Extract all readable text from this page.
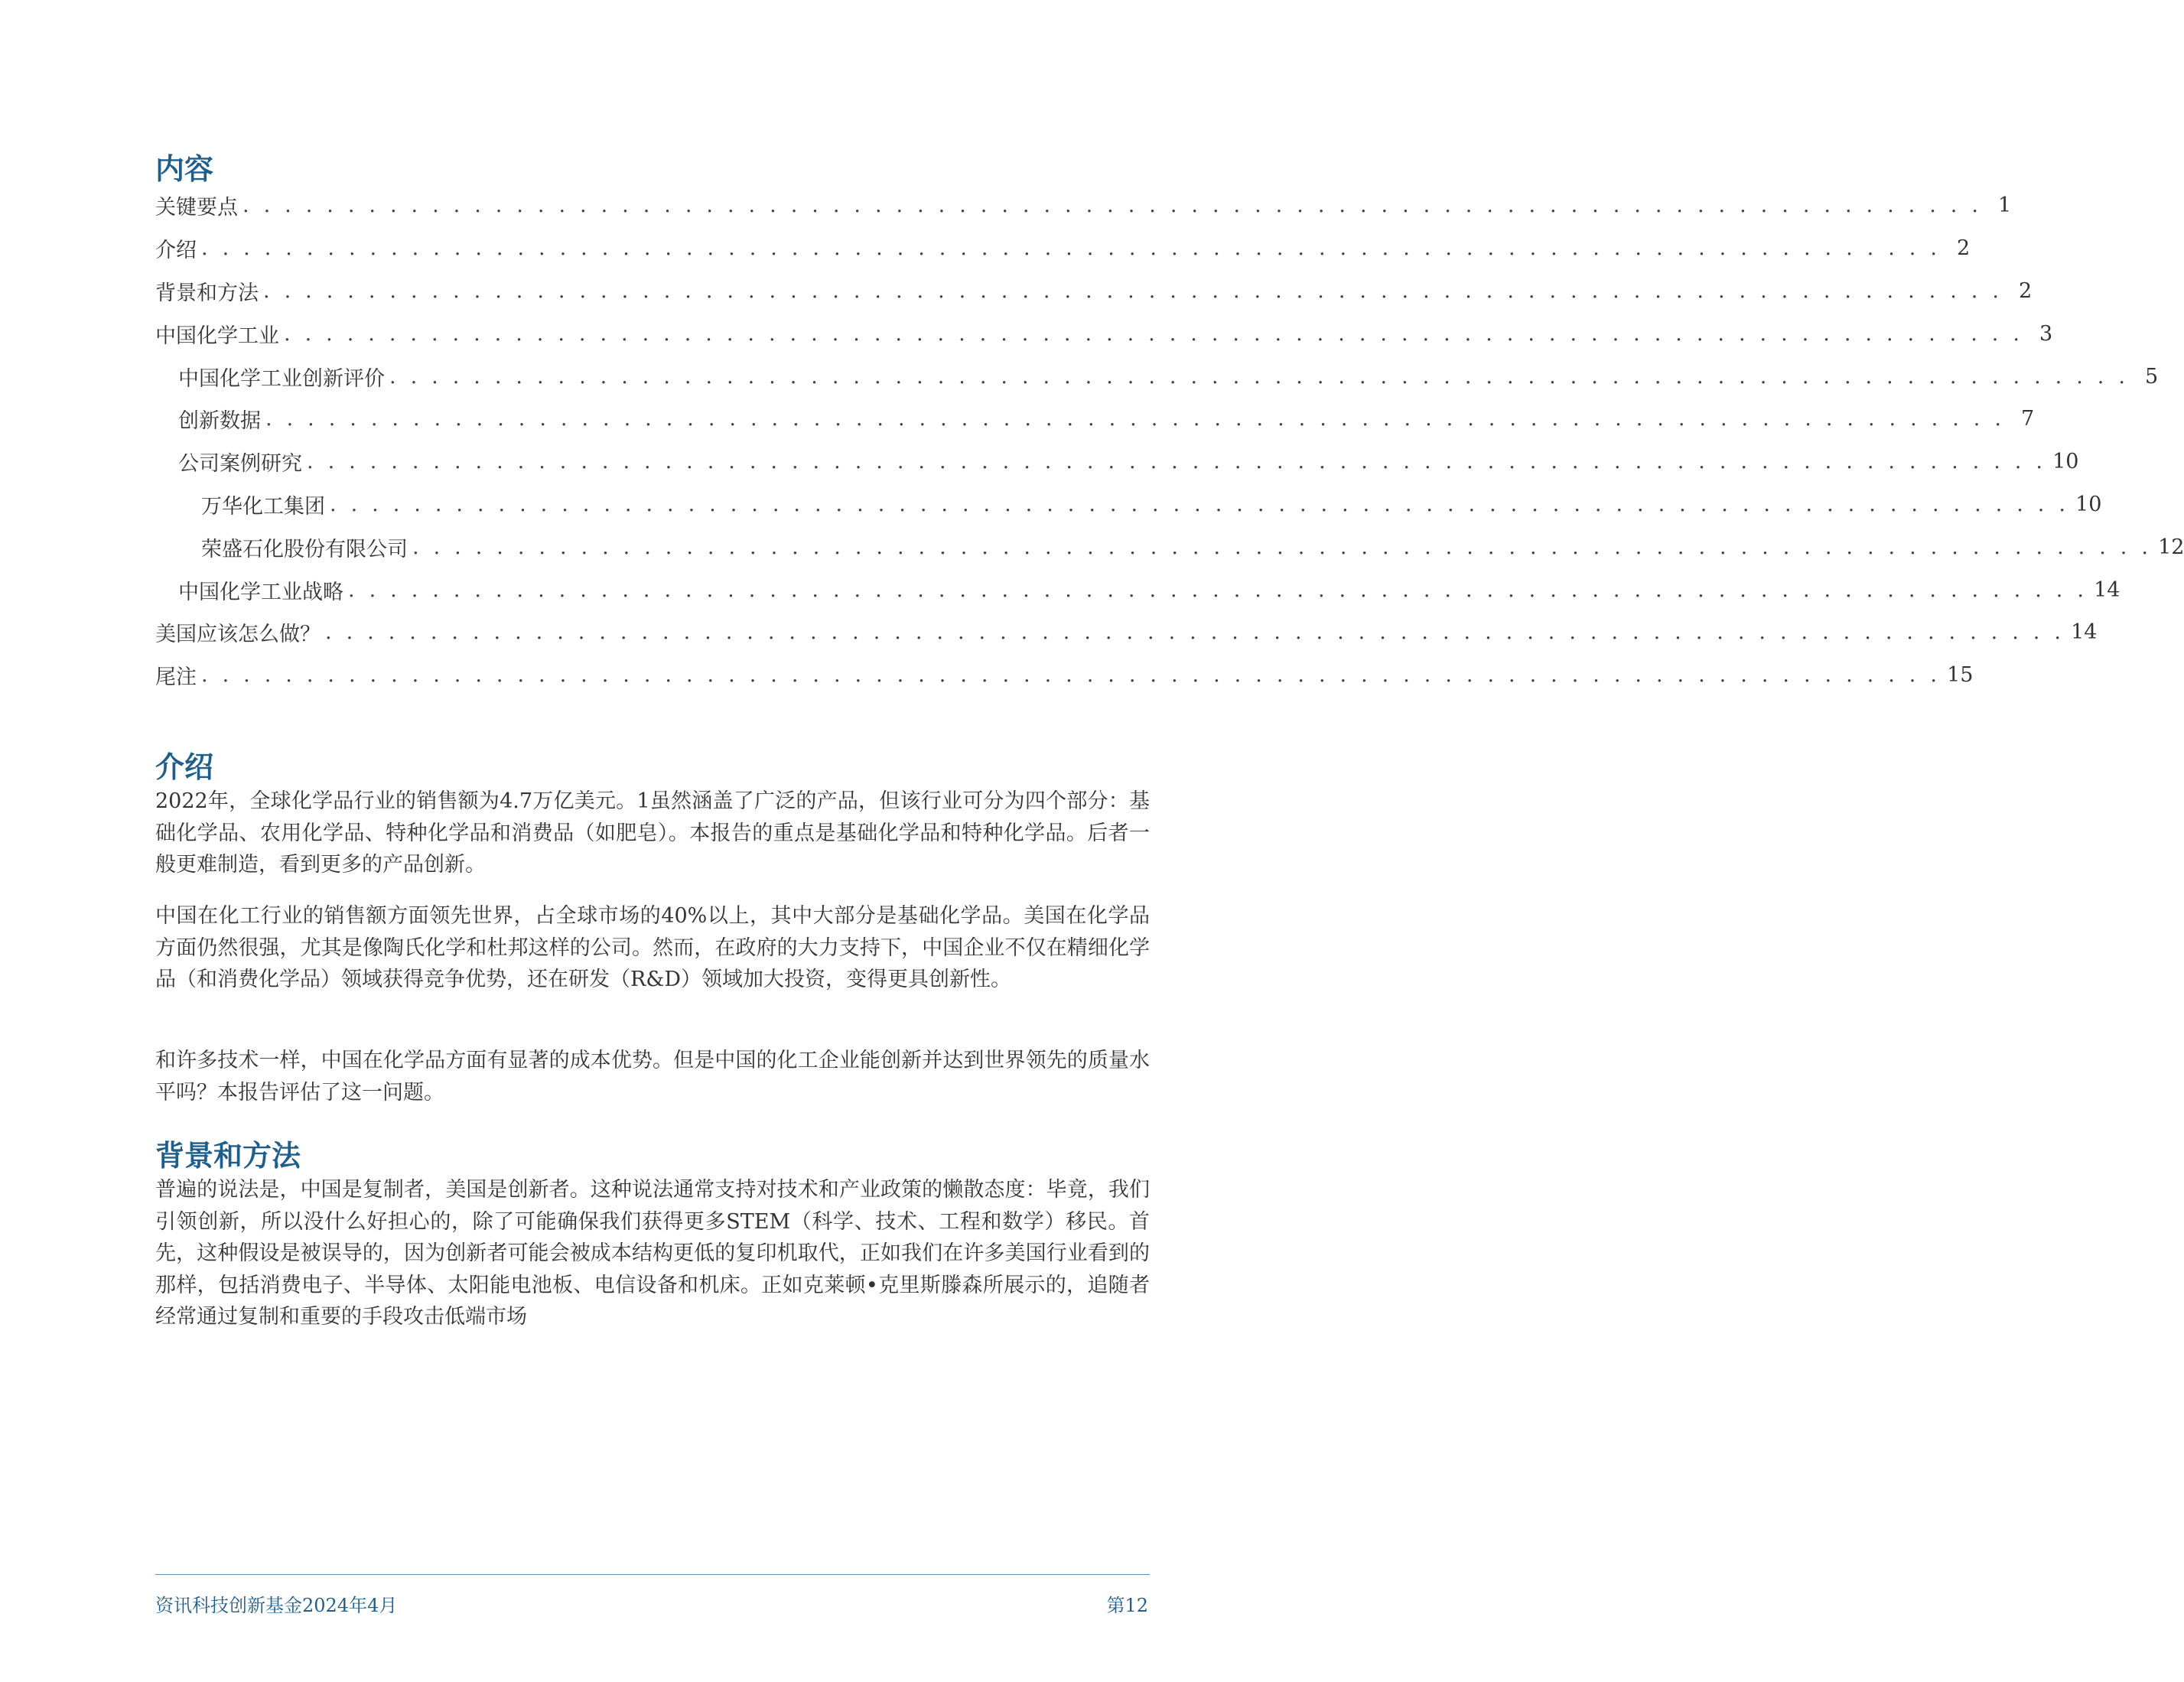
内容
关键要点 . . . . . . . . . . . . . . . . . . . . . . . . . . . . . . . . . . . . . . . . . . . . . . . . . . . . . . . . . . . . . . . . . . . . . . . . . . . . . . . . . . . 1
介绍 . . . . . . . . . . . . . . . . . . . . . . . . . . . . . . . . . . . . . . . . . . . . . . . . . . . . . . . . . . . . . . . . . . . . . . . . . . . . . . . . . . . 2
背景和方法 . . . . . . . . . . . . . . . . . . . . . . . . . . . . . . . . . . . . . . . . . . . . . . . . . . . . . . . . . . . . . . . . . . . . . . . . . . . . . . . . . . . 2
中国化学工业 . . . . . . . . . . . . . . . . . . . . . . . . . . . . . . . . . . . . . . . . . . . . . . . . . . . . . . . . . . . . . . . . . . . . . . . . . . . . . . . . . . . 3
中国化学工业创新评价 . . . . . . . . . . . . . . . . . . . . . . . . . . . . . . . . . . . . . . . . . . . . . . . . . . . . . . . . . . . . . . . . . . . . . . . . . . . . . . . . . . . 5
创新数据 . . . . . . . . . . . . . . . . . . . . . . . . . . . . . . . . . . . . . . . . . . . . . . . . . . . . . . . . . . . . . . . . . . . . . . . . . . . . . . . . . . . 7
公司案例研究 . . . . . . . . . . . . . . . . . . . . . . . . . . . . . . . . . . . . . . . . . . . . . . . . . . . . . . . . . . . . . . . . . . . . . . . . . . . . . . . . . . . 10
万华化工集团 . . . . . . . . . . . . . . . . . . . . . . . . . . . . . . . . . . . . . . . . . . . . . . . . . . . . . . . . . . . . . . . . . . . . . . . . . . . . . . . . . . . 10
荣盛石化股份有限公司 . . . . . . . . . . . . . . . . . . . . . . . . . . . . . . . . . . . . . . . . . . . . . . . . . . . . . . . . . . . . . . . . . . . . . . . . . . . . . . . . . . . 12
中国化学工业战略 . . . . . . . . . . . . . . . . . . . . . . . . . . . . . . . . . . . . . . . . . . . . . . . . . . . . . . . . . . . . . . . . . . . . . . . . . . . . . . . . . . . 14
美国应该怎么做？ . . . . . . . . . . . . . . . . . . . . . . . . . . . . . . . . . . . . . . . . . . . . . . . . . . . . . . . . . . . . . . . . . . . . . . . . . . . . . . . . . . . 14
尾注 . . . . . . . . . . . . . . . . . . . . . . . . . . . . . . . . . . . . . . . . . . . . . . . . . . . . . . . . . . . . . . . . . . . . . . . . . . . . . . . . . . . 15
介绍

2022年，全球化学品行业的销售额为4.7万亿美元。1虽然涵盖了广泛的产品，但该行业可分为四个部分：基础化学品、农用化学品、特种化学品和消费品（如肥皂）。本报告的重点是基础化学品和特种化学品。后者一般更难制造，看到更多的产品创新。

中国在化工行业的销售额方面领先世界，占全球市场的40%以上，其中大部分是基础化学品。美国在化学品方面仍然很强，尤其是像陶氏化学和杜邦这样的公司。然而，在政府的大力支持下，中国企业不仅在精细化学品（和消费化学品）领域获得竞争优势，还在研发（R&D）领域加大投资，变得更具创新性。

和许多技术一样，中国在化学品方面有显著的成本优势。但是中国的化工企业能创新并达到世界领先的质量水平吗？本报告评估了这一问题。

背景和方法

普遍的说法是，中国是复制者，美国是创新者。这种说法通常支持对技术和产业政策的懒散态度：毕竟，我们引领创新，所以没什么好担心的，除了可能确保我们获得更多STEM（科学、技术、工程和数学）移民。首先，这种假设是被误导的，因为创新者可能会被成本结构更低的复印机取代，正如我们在许多美国行业看到的那样，包括消费电子、半导体、太阳能电池板、电信设备和机床。正如克莱顿•克里斯滕森所展示的，追随者经常通过复制和重要的手段攻击低端市场

资讯科技创新基金2024年4月	第12
